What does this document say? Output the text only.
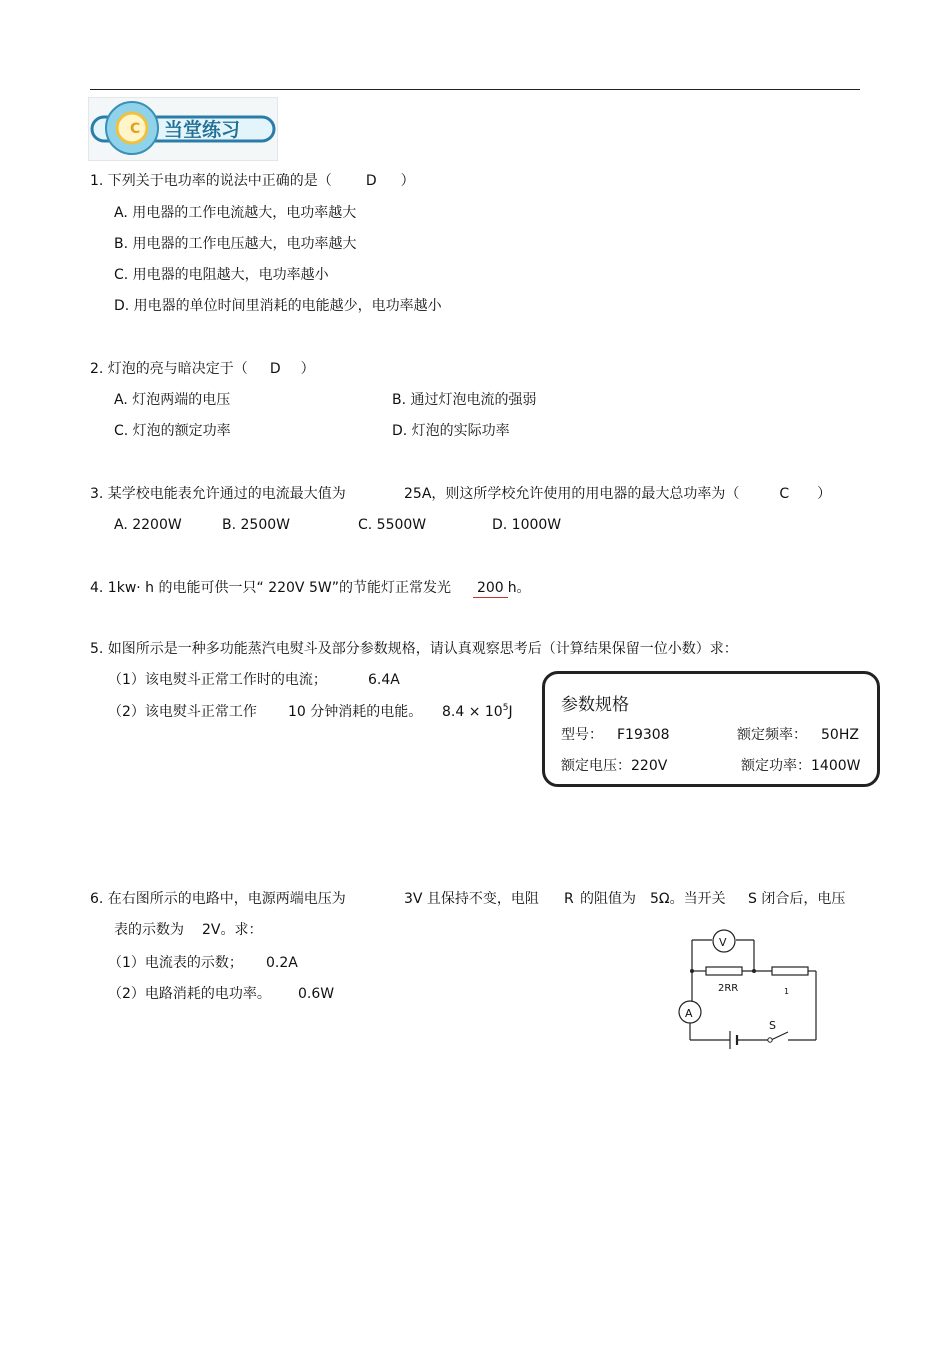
C 当堂练习
1. 下列关于电功率的说法中正确的是（ D ）
A. 用电器的工作电流越大，电功率越大
B. 用电器的工作电压越大，电功率越大
C. 用电器的电阻越大，电功率越小
D. 用电器的单位时间里消耗的电能越少，电功率越小
2. 灯泡的亮与暗决定于（ D ）
A. 灯泡两端的电压	B. 通过灯泡电流的强弱
C. 灯泡的额定功率	D. 灯泡的实际功率
3. 某学校电能表允许通过的电流最大值为	25A，则这所学校允许使用的用电器的最大总功率为（	C ）
A. 2200W	B. 2500W	C. 5500W	D. 1000W
4. 1kw· h 的电能可供一只“ 220V 5W”的节能灯正常发光 200 h。
5. 如图所示是一种多功能蒸汽电熨斗及部分参数规格，请认真观察思考后（计算结果保留一位小数）求：
（1）该电熨斗正常工作时的电流；	6.4A
（2）该电熨斗正常工作 10 分钟消耗的电能。 $8.4 \times 10^5J$	参数规格
型号： F19308	额定频率： 50HZ
额定电压：220V	额定功率：1400W
6. 在右图所示的电路中，电源两端电压为	3V 且保持不变，电阻 R 的阻值为 5Ω。当开关 S 闭合后，电压
表的示数为 2V。求：
（1）电流表的示数； 0.2A
（2）电路消耗的电功率。 0.6W
V
A
S
2RR	1
